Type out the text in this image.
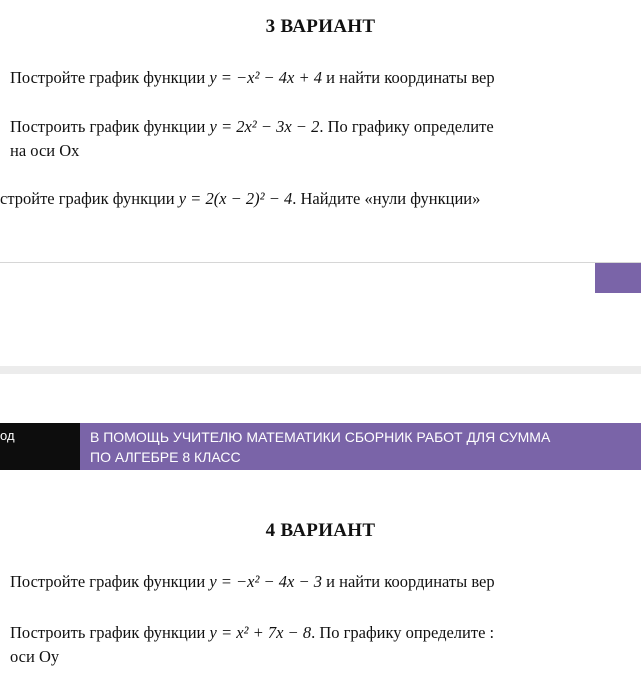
3 ВАРИАНТ
Постройте график функции y = −x² − 4x + 4 и найти координаты вер
Построить график функции y = 2x² − 3x − 2. По графику определите
на оси Ох
стройте график функции y = 2(x − 2)² − 4. Найдите «нули функции»
од	В ПОМОЩЬ УЧИТЕЛЮ МАТЕМАТИКИ СБОРНИК РАБОТ ДЛЯ СУММА
ПО АЛГЕБРЕ 8 КЛАСС
4 ВАРИАНТ
Постройте график функции y = −x² − 4x − 3 и найти координаты вер
Построить график функции y = x² + 7x − 8. По графику определите :
оси Оу
